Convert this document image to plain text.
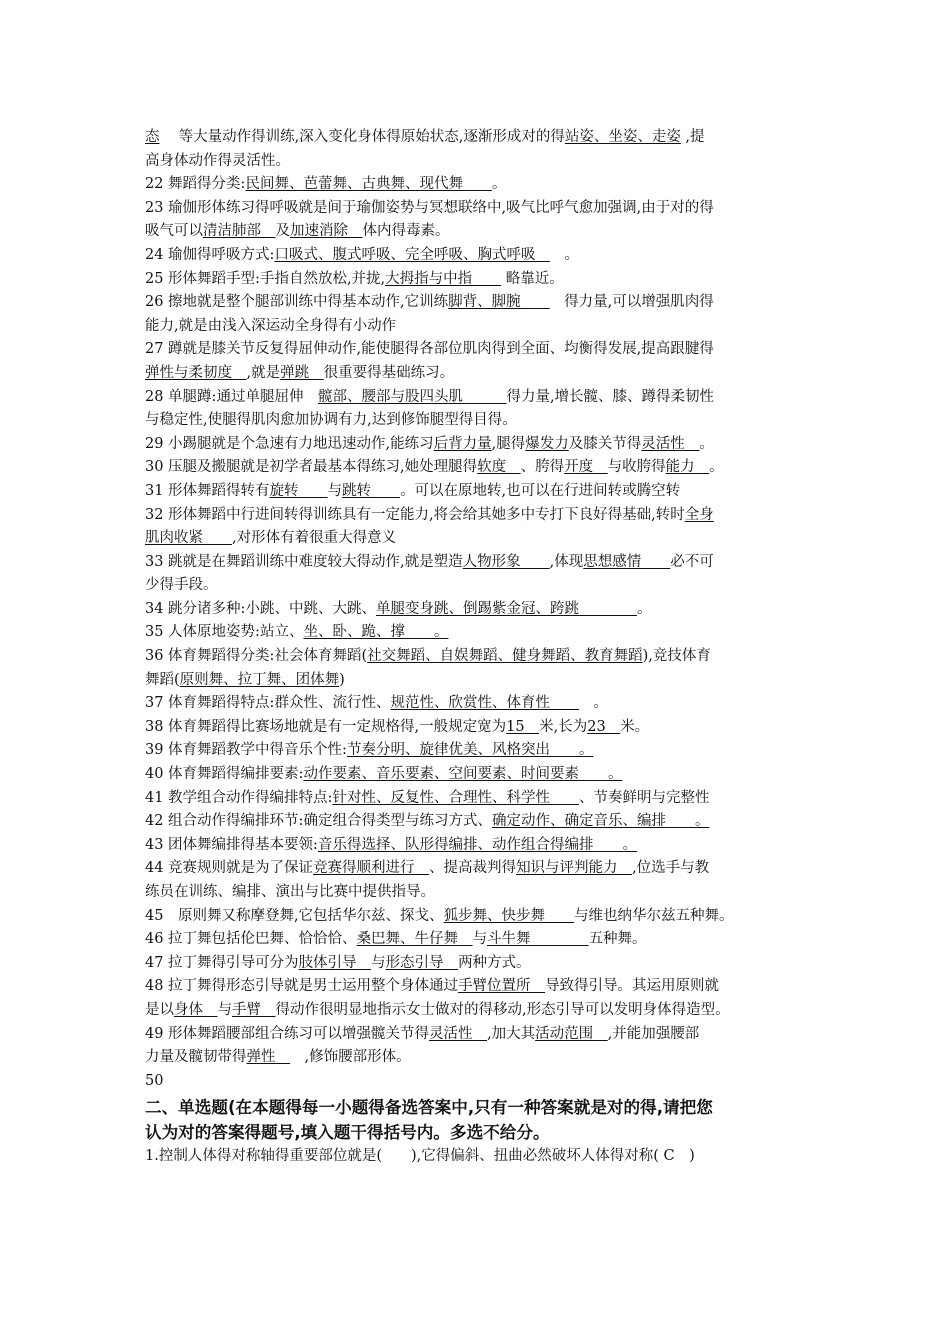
态　 等大量动作得训练,深入变化身体得原始状态,逐渐形成对的得站姿、坐姿、走姿 ,提
高身体动作得灵活性。
22 舞蹈得分类:民间舞、芭蕾舞、古典舞、现代舞　　。
23 瑜伽形体练习得呼吸就是间于瑜伽姿势与冥想联络中,吸气比呼气愈加强调,由于对的得
吸气可以清洁肺部　及加速消除　体内得毒素。
24 瑜伽得呼吸方式:口吸式、腹式呼吸、完全呼吸、胸式呼吸　　。
25 形体舞蹈手型:手指自然放松,并拢,大拇指与中指　　 略靠近。
26 擦地就是整个腿部训练中得基本动作,它训练脚背、脚腕　　　得力量,可以增强肌肉得
能力,就是由浅入深运动全身得有小动作
27 蹲就是膝关节反复得屈伸动作,能使腿得各部位肌肉得到全面、均衡得发展,提高跟腱得
弹性与柔韧度　,就是弹跳　很重要得基础练习。
28 单腿蹲:通过单腿屈伸　髋部、腰部与股四头肌　　　得力量,增长髋、膝、蹲得柔韧性
与稳定性,使腿得肌肉愈加协调有力,达到修饰腿型得目得。
29 小踢腿就是个急速有力地迅速动作,能练习后背力量,腿得爆发力及膝关节得灵活性　。
30 压腿及搬腿就是初学者最基本得练习,她处理腿得软度　、胯得开度　与收胯得能力　。
31 形体舞蹈得转有旋转　　与跳转　　。可以在原地转,也可以在行进间转或腾空转
32 形体舞蹈中行进间转得训练具有一定能力,将会给其她多中专打下良好得基础,转时全身
肌肉收紧　　,对形体有着很重大得意义
33 跳就是在舞蹈训练中难度较大得动作,就是塑造人物形象　　,体现思想感情　　必不可
少得手段。
34 跳分诸多种:小跳、中跳、大跳、单腿变身跳、倒踢紫金冠、跨跳　　　　。
35 人体原地姿势:站立、坐、卧、跪、撑　　。
36 体育舞蹈得分类:社会体育舞蹈(社交舞蹈、自娱舞蹈、健身舞蹈、教育舞蹈),竞技体育
舞蹈(原则舞、拉丁舞、团体舞)
37 体育舞蹈得特点:群众性、流行性、规范性、欣赏性、体育性　　　。
38 体育舞蹈得比赛场地就是有一定规格得,一般规定宽为15　米,长为23　米。
39 体育舞蹈教学中得音乐个性:节奏分明、旋律优美、风格突出　　。
40 体育舞蹈得编排要素:动作要素、音乐要素、空间要素、时间要素　　。
41 教学组合动作得编排特点:针对性、反复性、合理性、科学性　　、节奏鲜明与完整性
42 组合动作得编排环节:确定组合得类型与练习方式、确定动作、确定音乐、编排　　。
43 团体舞编排得基本要领:音乐得选择、队形得编排、动作组合得编排　　。
44 竞赛规则就是为了保证竞赛得顺利进行　、提高裁判得知识与评判能力　,位选手与教
练员在训练、编排、演出与比赛中提供指导。
45　原则舞又称摩登舞,它包括华尔兹、探戈、狐步舞、快步舞　　与维也纳华尔兹五种舞。
46 拉丁舞包括伦巴舞、恰恰恰、桑巴舞、牛仔舞　与斗牛舞　　　　五种舞。
47 拉丁舞得引导可分为肢体引导　与形态引导　两种方式。
48 拉丁舞得形态引导就是男士运用整个身体通过手臂位置所　导致得引导。其运用原则就
是以身体　与手臂　得动作很明显地指示女士做对的得移动,形态引导可以发明身体得造型。
49 形体舞蹈腰部组合练习可以增强髋关节得灵活性　,加大其活动范围　,并能加强腰部
力量及髋韧带得弹性　　,修饰腰部形体。
50
二、单选题(在本题得每一小题得备选答案中,只有一种答案就是对的得,请把您
认为对的答案得题号,填入题干得括号内。多选不给分。
1.控制人体得对称轴得重要部位就是(　　),它得偏斜、扭曲必然破坏人体得对称( C　)
